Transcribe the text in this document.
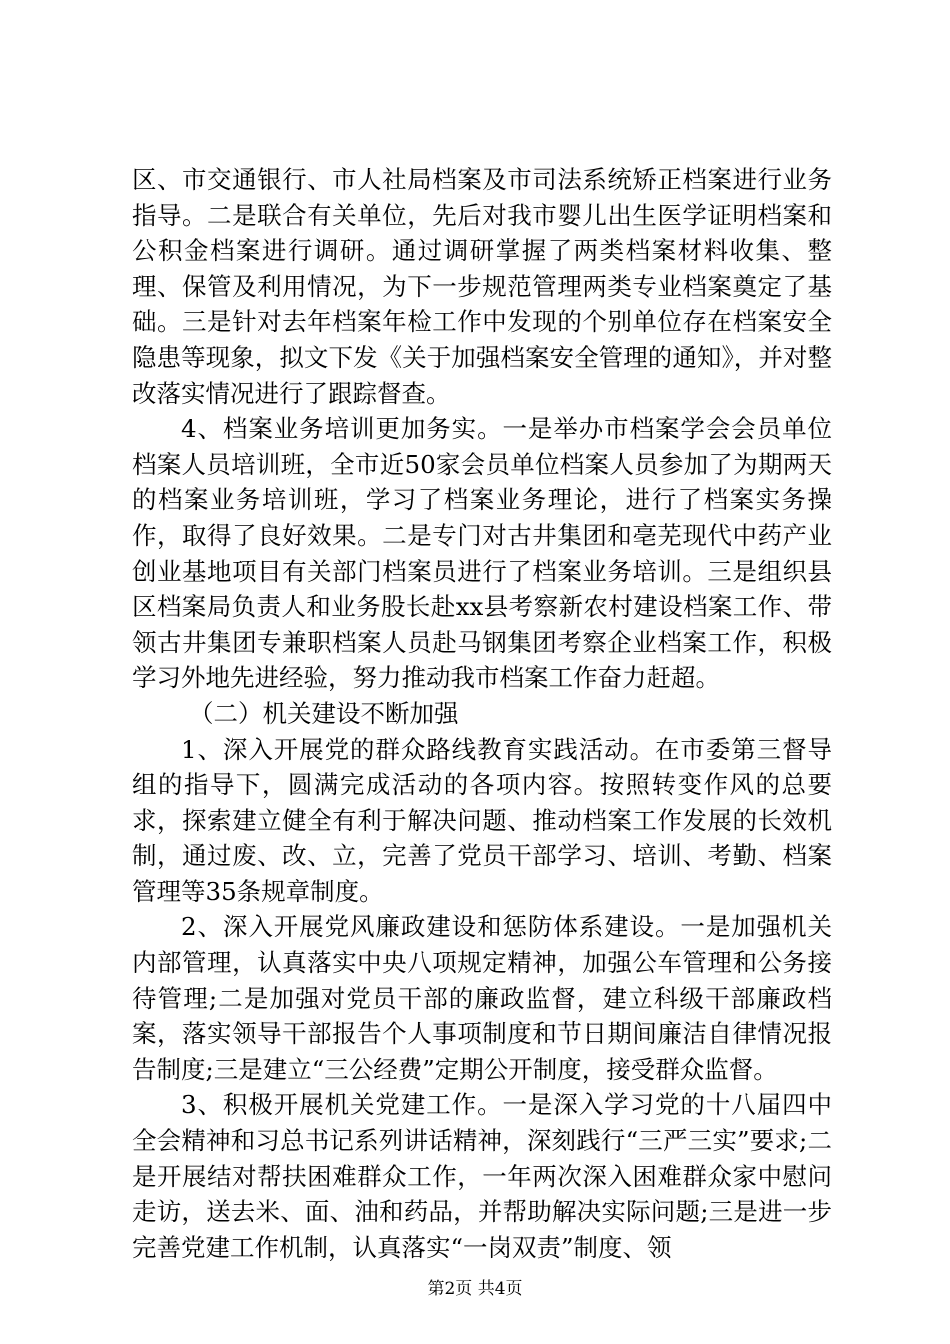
区、市交通银行、市人社局档案及市司法系统矫正档案进行业务指导。二是联合有关单位，先后对我市婴儿出生医学证明档案和公积金档案进行调研。通过调研掌握了两类档案材料收集、整理、保管及利用情况，为下一步规范管理两类专业档案奠定了基础。三是针对去年档案年检工作中发现的个别单位存在档案安全隐患等现象，拟文下发《关于加强档案安全管理的通知》，并对整改落实情况进行了跟踪督查。

4、档案业务培训更加务实。一是举办市档案学会会员单位档案人员培训班，全市近50家会员单位档案人员参加了为期两天的档案业务培训班，学习了档案业务理论，进行了档案实务操作，取得了良好效果。二是专门对古井集团和亳芜现代中药产业创业基地项目有关部门档案员进行了档案业务培训。三是组织县区档案局负责人和业务股长赴xx县考察新农村建设档案工作、带领古井集团专兼职档案人员赴马钢集团考察企业档案工作，积极学习外地先进经验，努力推动我市档案工作奋力赶超。

（二）机关建设不断加强

1、深入开展党的群众路线教育实践活动。在市委第三督导组的指导下，圆满完成活动的各项内容。按照转变作风的总要求，探索建立健全有利于解决问题、推动档案工作发展的长效机制，通过废、改、立，完善了党员干部学习、培训、考勤、档案管理等35条规章制度。

2、深入开展党风廉政建设和惩防体系建设。一是加强机关内部管理，认真落实中央八项规定精神，加强公车管理和公务接待管理;二是加强对党员干部的廉政监督，建立科级干部廉政档案，落实领导干部报告个人事项制度和节日期间廉洁自律情况报告制度;三是建立“三公经费”定期公开制度，接受群众监督。

3、积极开展机关党建工作。一是深入学习党的十八届四中全会精神和习总书记系列讲话精神，深刻践行“三严三实”要求;二是开展结对帮扶困难群众工作，一年两次深入困难群众家中慰问走访，送去米、面、油和药品，并帮助解决实际问题;三是进一步完善党建工作机制，认真落实“一岗双责”制度、领

第2页 共4页
